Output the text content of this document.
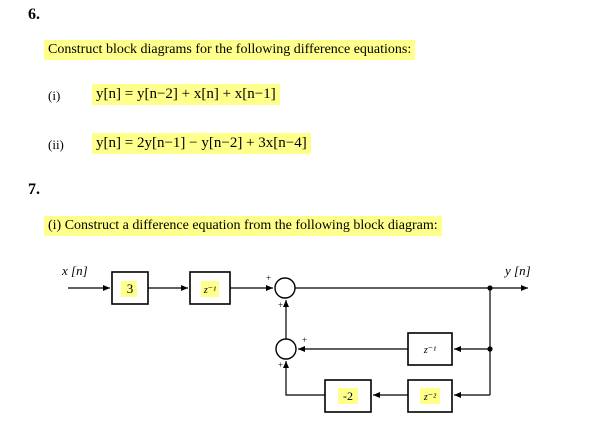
6.
Construct block diagrams for the following difference equations:
(i) y[n] = y[n−2] + x[n] + x[n−1]
(ii) y[n] = 2y[n−1] − y[n−2] + 3x[n−4]
7.
(i) Construct a difference equation from the following block diagram:
x [n]	y [n]
3	z⁻¹
+
z⁻¹
+
+
z⁻²
-2
+
